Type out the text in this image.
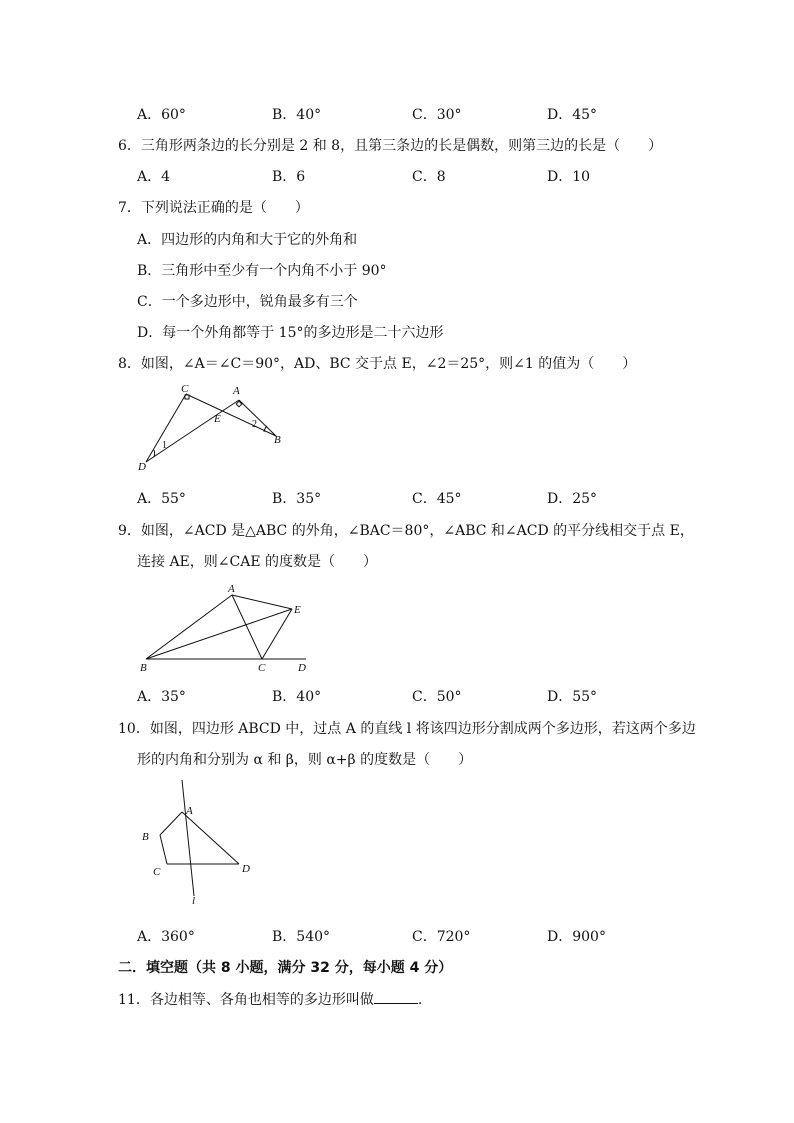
A．60°	B．40°	C．30°	D．45°
6．三角形两条边的长分别是 2 和 8，且第三条边的长是偶数，则第三边的长是（　　）
A．4	B．6	C．8	D．10
7．下列说法正确的是（　　）
A．四边形的内角和大于它的外角和
B．三角形中至少有一个内角不小于 90°
C．一个多边形中，锐角最多有三个
D．每一个外角都等于 15°的多边形是二十六边形
8．如图，∠A＝∠C＝90°，AD、BC 交于点 E，∠2＝25°，则∠1 的值为（　　）
C	A
E
B
D
1
2
A．55°	B．35°	C．45°	D．25°
9．如图，∠ACD 是△ABC 的外角，∠BAC＝80°，∠ABC 和∠ACD 的平分线相交于点 E，
连接 AE，则∠CAE 的度数是（　　）
A
E
B	C	D
A．35°	B．40°	C．50°	D．55°
10．如图，四边形 ABCD 中，过点 A 的直线 l 将该四边形分割成两个多边形，若这两个多边
形的内角和分别为 α 和 β，则 α+β 的度数是（　　）
A
B
C	D
l
A．360°	B．540°	C．720°	D．900°
二．填空题（共 8 小题，满分 32 分，每小题 4 分）
11．各边相等、各角也相等的多边形叫做	．
